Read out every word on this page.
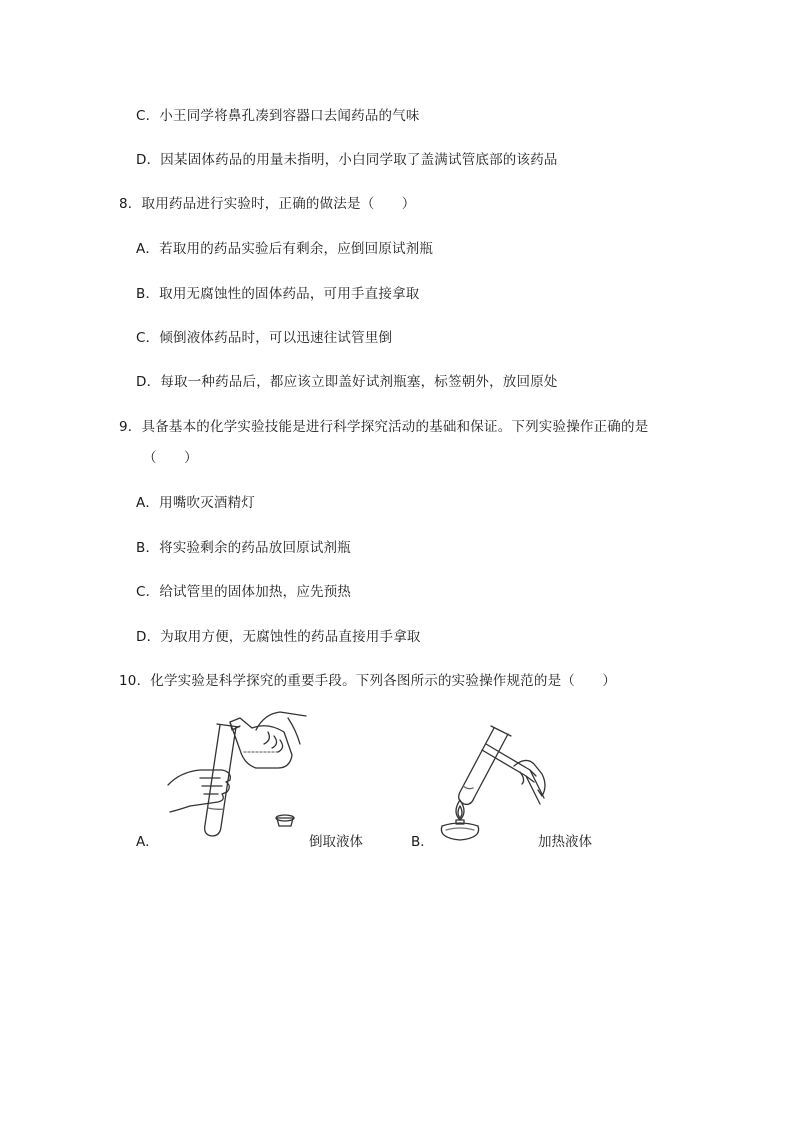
C．小王同学将鼻孔凑到容器口去闻药品的气味
D．因某固体药品的用量未指明，小白同学取了盖满试管底部的该药品
8．取用药品进行实验时，正确的做法是（　　）
A．若取用的药品实验后有剩余，应倒回原试剂瓶
B．取用无腐蚀性的固体药品，可用手直接拿取
C．倾倒液体药品时，可以迅速往试管里倒
D．每取一种药品后，都应该立即盖好试剂瓶塞，标签朝外，放回原处
9．具备基本的化学实验技能是进行科学探究活动的基础和保证。下列实验操作正确的是
（　　）
A．用嘴吹灭酒精灯
B．将实验剩余的药品放回原试剂瓶
C．给试管里的固体加热，应先预热
D．为取用方便，无腐蚀性的药品直接用手拿取
10．化学实验是科学探究的重要手段。下列各图所示的实验操作规范的是（　　）
A．	倒取液体	B．	加热液体
